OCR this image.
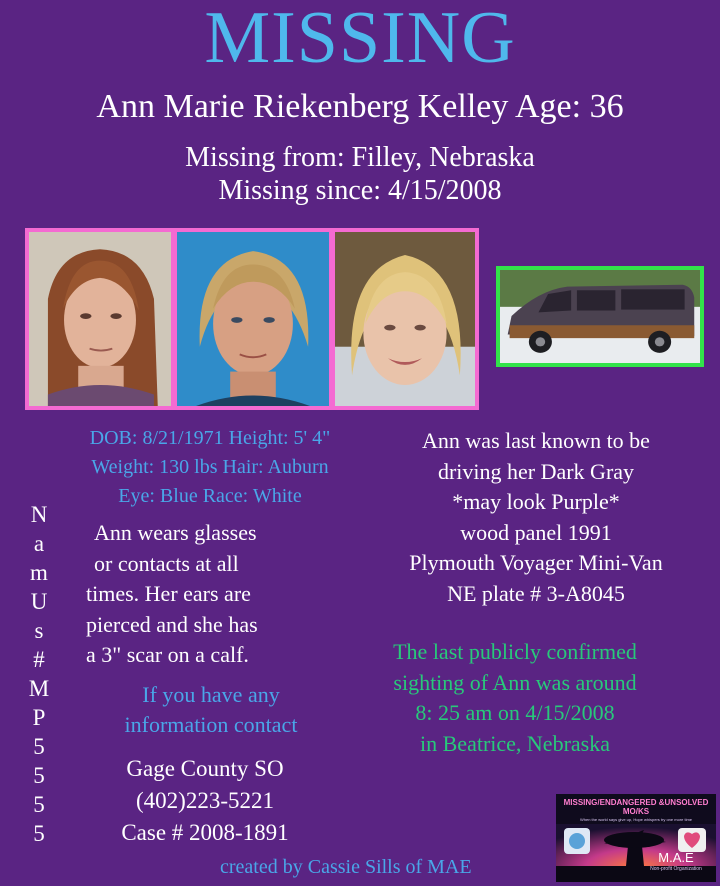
MISSING
Ann Marie Riekenberg Kelley Age: 36
Missing from: Filley, Nebraska
Missing since: 4/15/2008
DOB: 8/21/1971 Height: 5' 4"
Weight: 130 lbs Hair: Auburn
Eye: Blue Race: White
N
a
m
U
s
#
M
P
5
5
5
5
Ann wears glasses
or contacts at all
times. Her ears are
pierced and she has
a 3" scar on a calf.
If you have any
information contact
Gage County SO
(402)223-5221
Case # 2008-1891
Ann was last known to be
driving her Dark Gray
*may look Purple*
wood panel 1991
Plymouth Voyager Mini-Van
NE plate # 3-A8045
The last publicly confirmed
sighting of Ann was around
8: 25 am on 4/15/2008
in Beatrice, Nebraska
created by Cassie Sills of MAE
MISSING/ENDANGERED &UNSOLVED
MO/KS
When the world says give up, Hope whispers try one more time
M.A.E
Non-profit Organization
